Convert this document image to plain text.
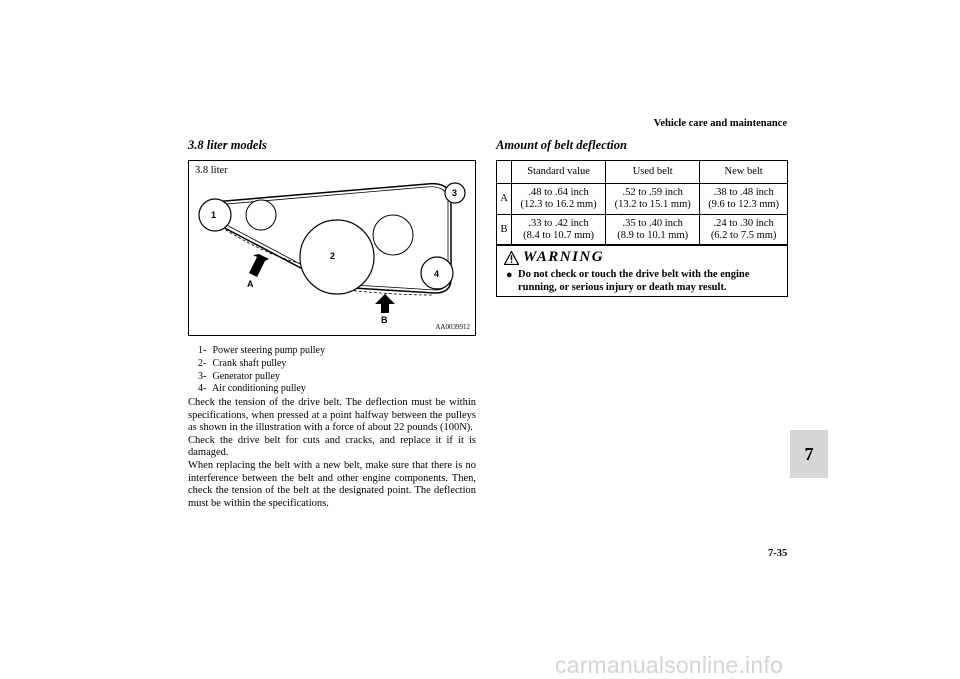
Vehicle care and maintenance
3.8 liter models
1
2
3
4
A
B
3.8 liter
AA0039912
1- Power steering pump pulley
2- Crank shaft pulley
3- Generator pulley
4- Air conditioning pulley

Check the tension of the drive belt. The deflection must be within specifications, when pressed at a point halfway between the pulleys as shown in the illustration with a force of about 22 pounds (100N).

Check the drive belt for cuts and cracks, and replace it if it is damaged.

When replacing the belt with a new belt, make sure that there is no interference between the belt and other engine components. Then, check the tension of the belt at the designated point. The deflection must be within the specifications.

Amount of belt deflection
	Standard value	Used belt	New belt
A	.48 to .64 inch
(12.3 to 16.2 mm)	.52 to .59 inch
(13.2 to 15.1 mm)	.38 to .48 inch
(9.6 to 12.3 mm)
B	.33 to .42 inch
(8.4 to 10.7 mm)	.35 to .40 inch
(8.9 to 10.1 mm)	.24 to .30 inch
(6.2 to 7.5 mm)
WARNING
● Do not check or touch the drive belt with the engine running, or serious injury or death may result.
7
7-35
carmanualsonline.info
